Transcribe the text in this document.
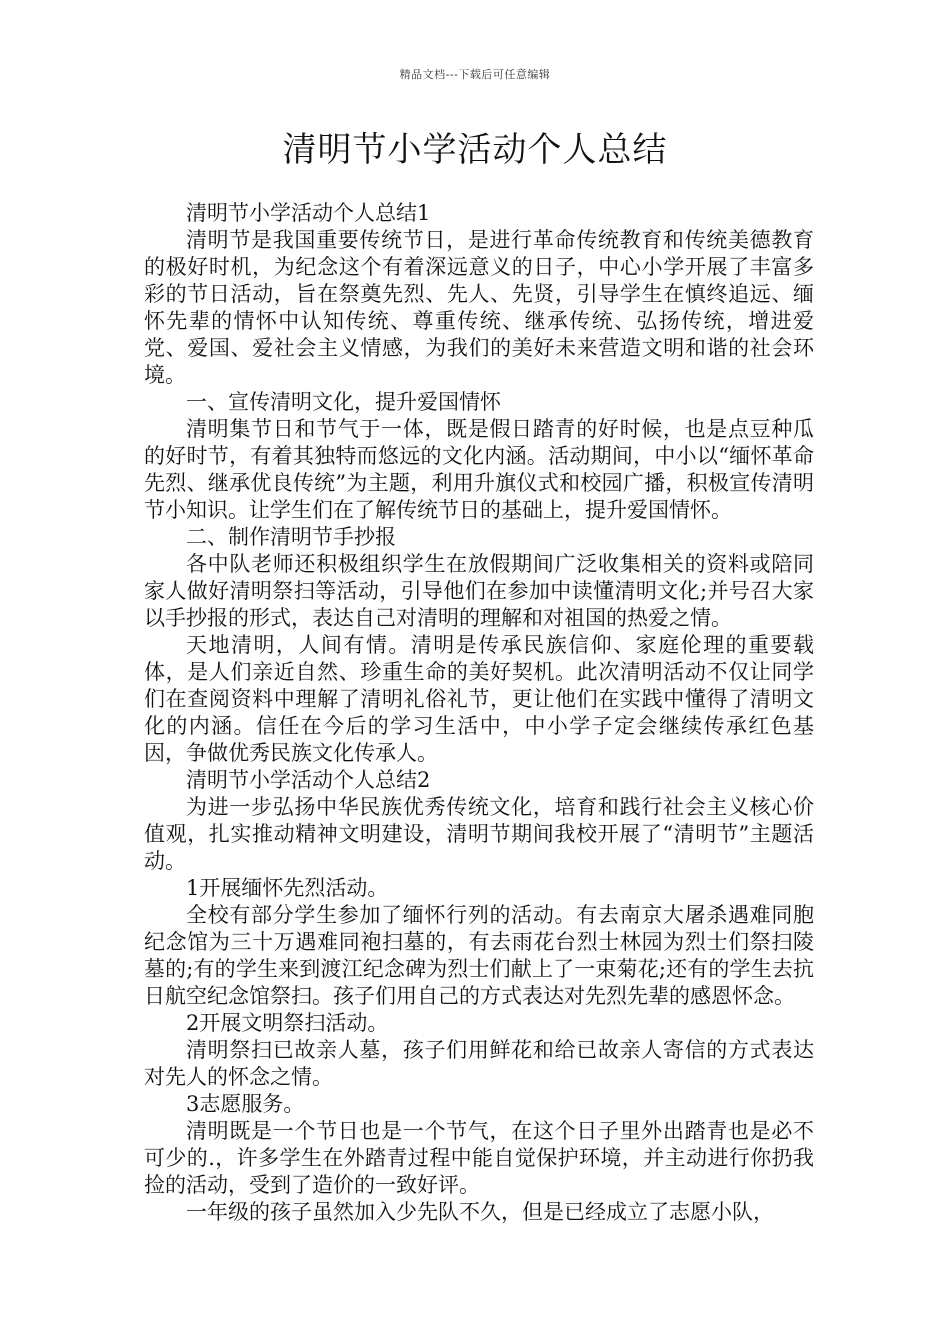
精品文档---下载后可任意编辑
清明节小学活动个人总结

清明节小学活动个人总结1

清明节是我国重要传统节日，是进行革命传统教育和传统美德教育的极好时机，为纪念这个有着深远意义的日子，中心小学开展了丰富多彩的节日活动，旨在祭奠先烈、先人、先贤，引导学生在慎终追远、缅怀先辈的情怀中认知传统、尊重传统、继承传统、弘扬传统，增进爱党、爱国、爱社会主义情感，为我们的美好未来营造文明和谐的社会环境。

一、宣传清明文化，提升爱国情怀

清明集节日和节气于一体，既是假日踏青的好时候，也是点豆种瓜的好时节，有着其独特而悠远的文化内涵。活动期间，中小以“缅怀革命先烈、继承优良传统”为主题，利用升旗仪式和校园广播，积极宣传清明节小知识。让学生们在了解传统节日的基础上，提升爱国情怀。

二、制作清明节手抄报

各中队老师还积极组织学生在放假期间广泛收集相关的资料或陪同家人做好清明祭扫等活动，引导他们在参加中读懂清明文化;并号召大家以手抄报的形式，表达自己对清明的理解和对祖国的热爱之情。

天地清明，人间有情。清明是传承民族信仰、家庭伦理的重要载体，是人们亲近自然、珍重生命的美好契机。此次清明活动不仅让同学们在查阅资料中理解了清明礼俗礼节，更让他们在实践中懂得了清明文化的内涵。信任在今后的学习生活中，中小学子定会继续传承红色基因，争做优秀民族文化传承人。

清明节小学活动个人总结2

为进一步弘扬中华民族优秀传统文化，培育和践行社会主义核心价值观，扎实推动精神文明建设，清明节期间我校开展了“清明节”主题活动。

1开展缅怀先烈活动。

全校有部分学生参加了缅怀行列的活动。有去南京大屠杀遇难同胞纪念馆为三十万遇难同袍扫墓的，有去雨花台烈士林园为烈士们祭扫陵墓的;有的学生来到渡江纪念碑为烈士们献上了一束菊花;还有的学生去抗日航空纪念馆祭扫。孩子们用自己的方式表达对先烈先辈的感恩怀念。

2开展文明祭扫活动。

清明祭扫已故亲人墓，孩子们用鲜花和给已故亲人寄信的方式表达对先人的怀念之情。

3志愿服务。

清明既是一个节日也是一个节气，在这个日子里外出踏青也是必不可少的.，许多学生在外踏青过程中能自觉保护环境，并主动进行你扔我捡的活动，受到了造价的一致好评。

一年级的孩子虽然加入少先队不久，但是已经成立了志愿小队，
